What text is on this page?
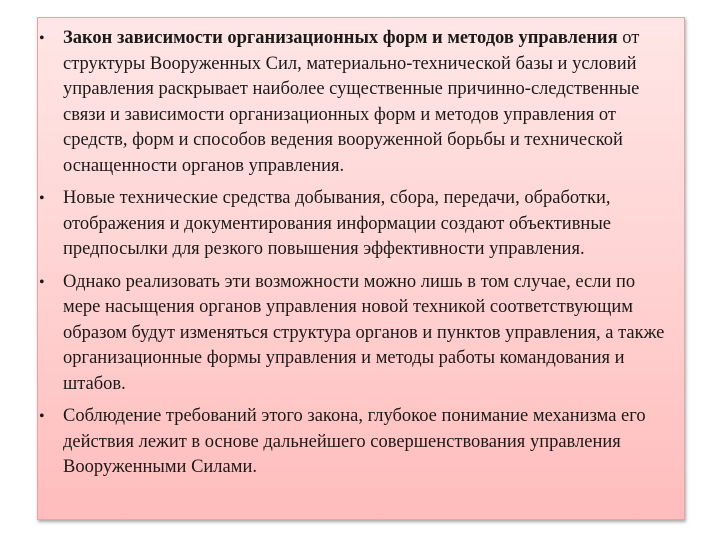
• Закон зависимости организационных форм и методов управления от структуры Вооруженных Сил, материально-технической базы и условий управления раскрывает наиболее существенные причинно-следственные связи и зависимости организационных форм и методов управления от средств, форм и способов ведения вооруженной борьбы и технической оснащенности органов управления.
• Новые технические средства добывания, сбора, передачи, обработки, отображения и документирования информации создают объективные предпосылки для резкого повышения эффективности управления.
• Однако реализовать эти возможности можно лишь в том случае, если по мере насыщения органов управления новой техникой соответствующим образом будут изменяться структура органов и пунктов управления, а также организационные формы управления и методы работы командования и штабов.
• Соблюдение требований этого закона, глубокое понимание механизма его действия лежит в основе дальнейшего совершенствования управления Вооруженными Силами.
